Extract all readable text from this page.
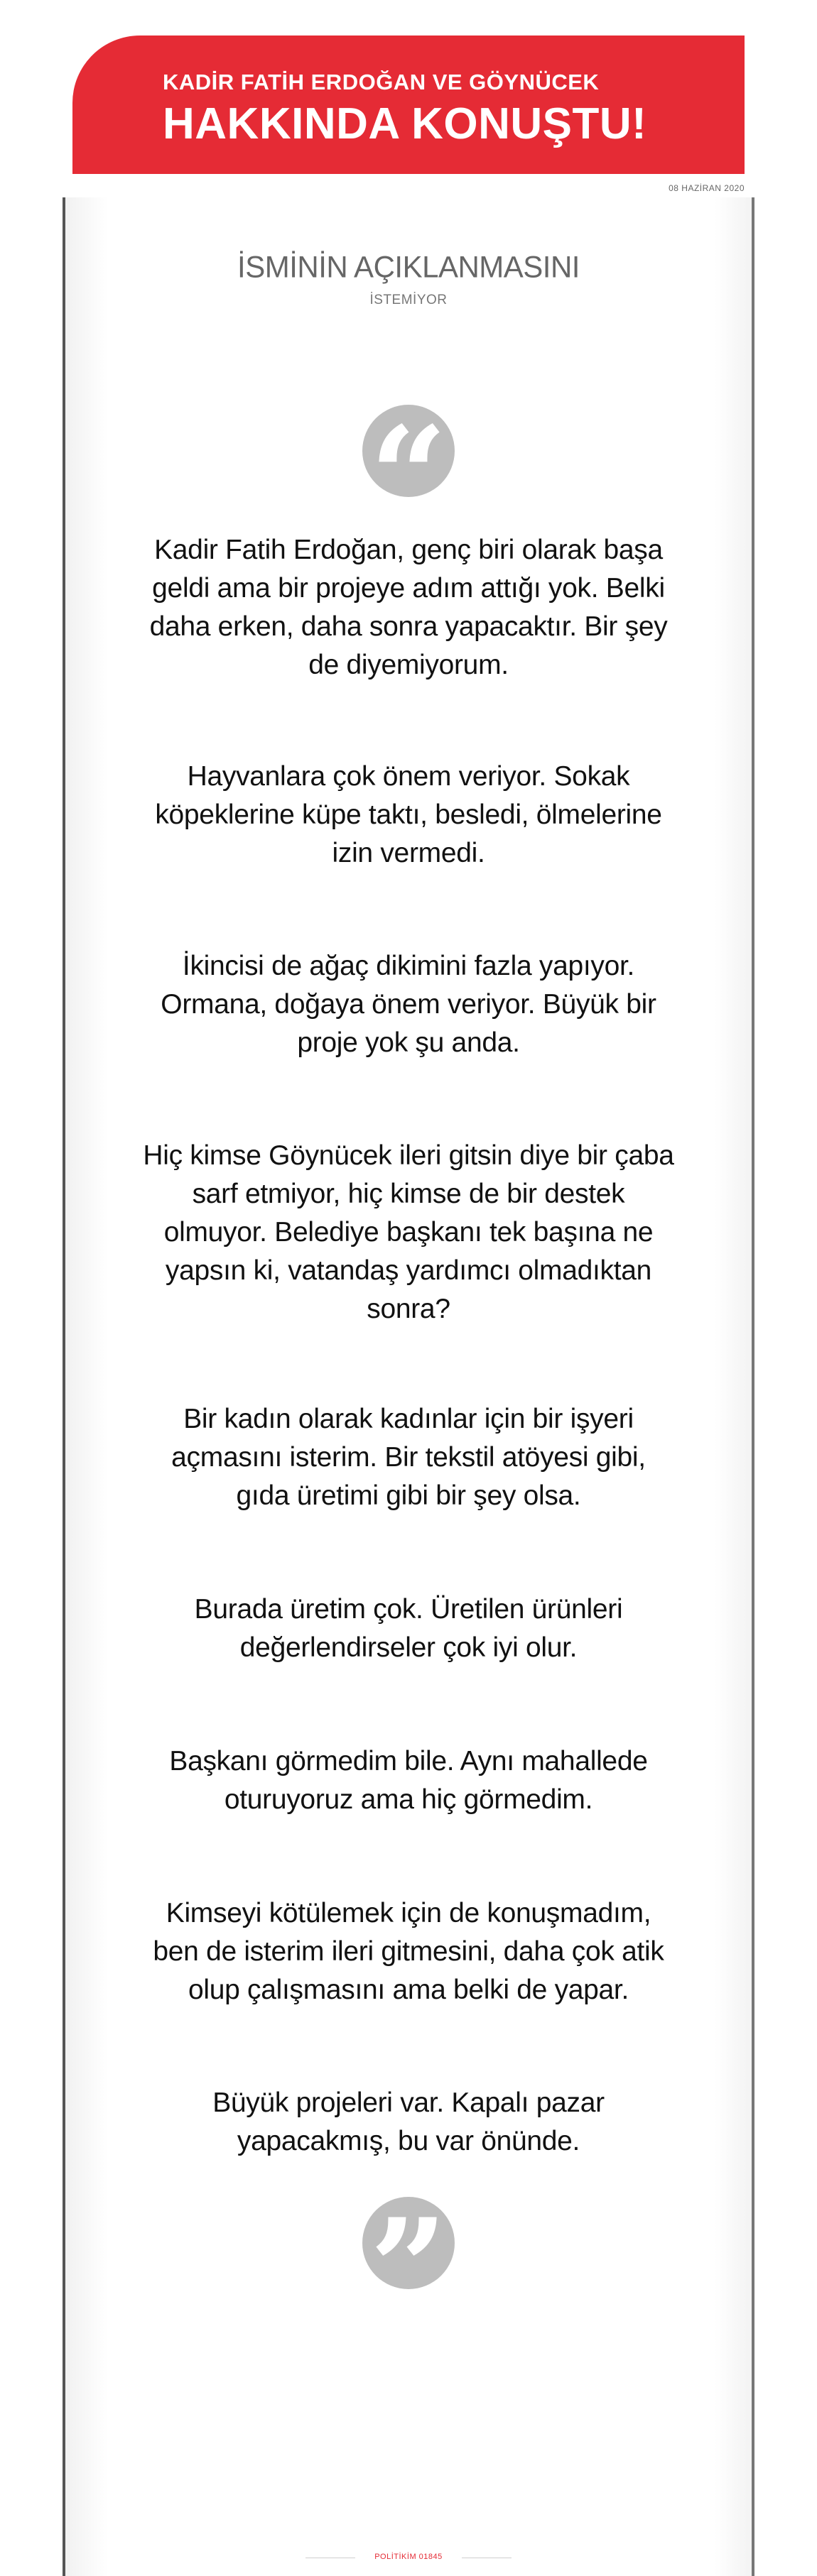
KADİR FATİH ERDOĞAN VE GÖYNÜCEK
HAKKINDA KONUŞTU!
08 HAZİRAN 2020
İSMİNİN AÇIKLANMASINI
İSTEMİYOR
“
Kadir Fatih Erdoğan, genç biri olarak başa geldi ama bir projeye adım attığı yok. Belki daha erken, daha sonra yapacaktır. Bir şey de diyemiyorum.
Hayvanlara çok önem veriyor. Sokak köpeklerine küpe taktı, besledi, ölmelerine izin vermedi.
İkincisi de ağaç dikimini fazla yapıyor. Ormana, doğaya önem veriyor. Büyük bir proje yok şu anda.
Hiç kimse Göynücek ileri gitsin diye bir çaba sarf etmiyor, hiç kimse de bir destek olmuyor. Belediye başkanı tek başına ne yapsın ki, vatandaş yardımcı olmadıktan sonra?
Bir kadın olarak kadınlar için bir işyeri açmasını isterim. Bir tekstil atöyesi gibi, gıda üretimi gibi bir şey olsa.
Burada üretim çok. Üretilen ürünleri değerlendirseler çok iyi olur.
Başkanı görmedim bile. Aynı mahallede oturuyoruz ama hiç görmedim.
Kimseyi kötülemek için de konuşmadım, ben de isterim ileri gitmesini, daha çok atik olup çalışmasını ama belki de yapar.
Büyük projeleri var. Kapalı pazar yapacakmış, bu var önünde.
”
POLİTİKİM 01845
